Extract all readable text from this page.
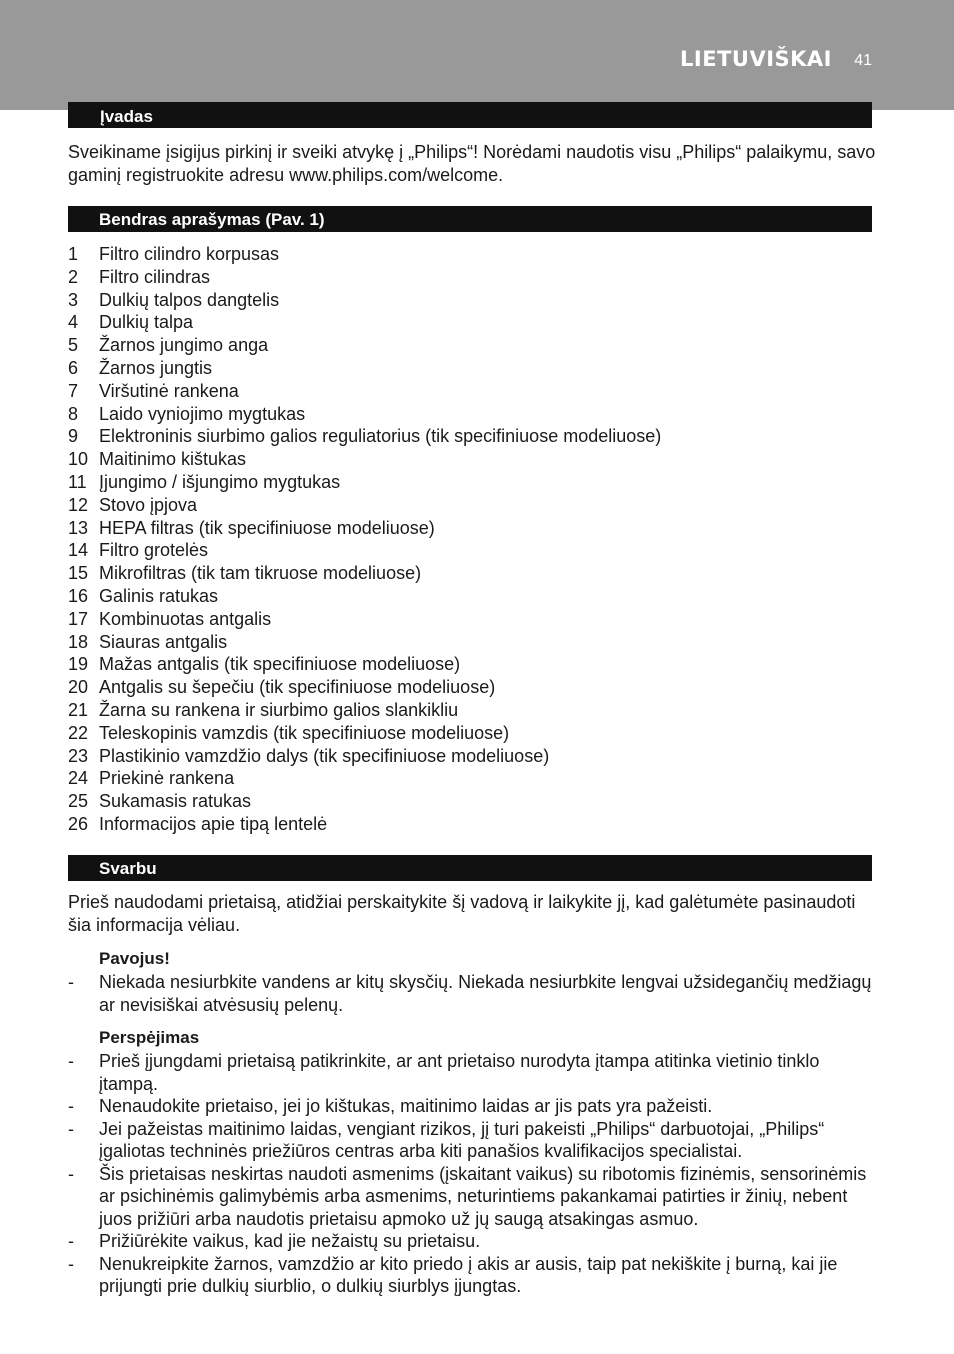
LIETUVIŠKAI 41
Įvadas
Sveikiname įsigijus pirkinį ir sveiki atvykę į „Philips“! Norėdami naudotis visu „Philips“ palaikymu, savo gaminį registruokite adresu www.philips.com/welcome.
Bendras aprašymas (Pav. 1)
1 Filtro cilindro korpusas
2 Filtro cilindras
3 Dulkių talpos dangtelis
4 Dulkių talpa
5 Žarnos jungimo anga
6 Žarnos jungtis
7 Viršutinė rankena
8 Laido vyniojimo mygtukas
9 Elektroninis siurbimo galios reguliatorius (tik specifiniuose modeliuose)
10 Maitinimo kištukas
11 Įjungimo / išjungimo mygtukas
12 Stovo įpjova
13 HEPA filtras (tik specifiniuose modeliuose)
14 Filtro grotelės
15 Mikrofiltras (tik tam tikruose modeliuose)
16 Galinis ratukas
17 Kombinuotas antgalis
18 Siauras antgalis
19 Mažas antgalis (tik specifiniuose modeliuose)
20 Antgalis su šepečiu (tik specifiniuose modeliuose)
21 Žarna su rankena ir siurbimo galios slankikliu
22 Teleskopinis vamzdis (tik specifiniuose modeliuose)
23 Plastikinio vamzdžio dalys (tik specifiniuose modeliuose)
24 Priekinė rankena
25 Sukamasis ratukas
26 Informacijos apie tipą lentelė
Svarbu
Prieš naudodami prietaisą, atidžiai perskaitykite šį vadovą ir laikykite jį, kad galėtumėte pasinaudoti šia informacija vėliau.
Pavojus!
-	Niekada nesiurbkite vandens ar kitų skysčių. Niekada nesiurbkite lengvai užsidegančių medžiagų ar nevisiškai atvėsusių pelenų.
Perspėjimas
-	Prieš įjungdami prietaisą patikrinkite, ar ant prietaiso nurodyta įtampa atitinka vietinio tinklo įtampą.
-	Nenaudokite prietaiso, jei jo kištukas, maitinimo laidas ar jis pats yra pažeisti.
-	Jei pažeistas maitinimo laidas, vengiant rizikos, jį turi pakeisti „Philips“ darbuotojai, „Philips“ įgaliotas techninės priežiūros centras arba kiti panašios kvalifikacijos specialistai.
-	Šis prietaisas neskirtas naudoti asmenims (įskaitant vaikus) su ribotomis fizinėmis, sensorinėmis ar psichinėmis galimybėmis arba asmenims, neturintiems pakankamai patirties ir žinių, nebent juos prižiūri arba naudotis prietaisu apmoko už jų saugą atsakingas asmuo.
-	Prižiūrėkite vaikus, kad jie nežaistų su prietaisu.
-	Nenukreipkite žarnos, vamzdžio ar kito priedo į akis ar ausis, taip pat nekiškite į burną, kai jie prijungti prie dulkių siurblio, o dulkių siurblys įjungtas.
